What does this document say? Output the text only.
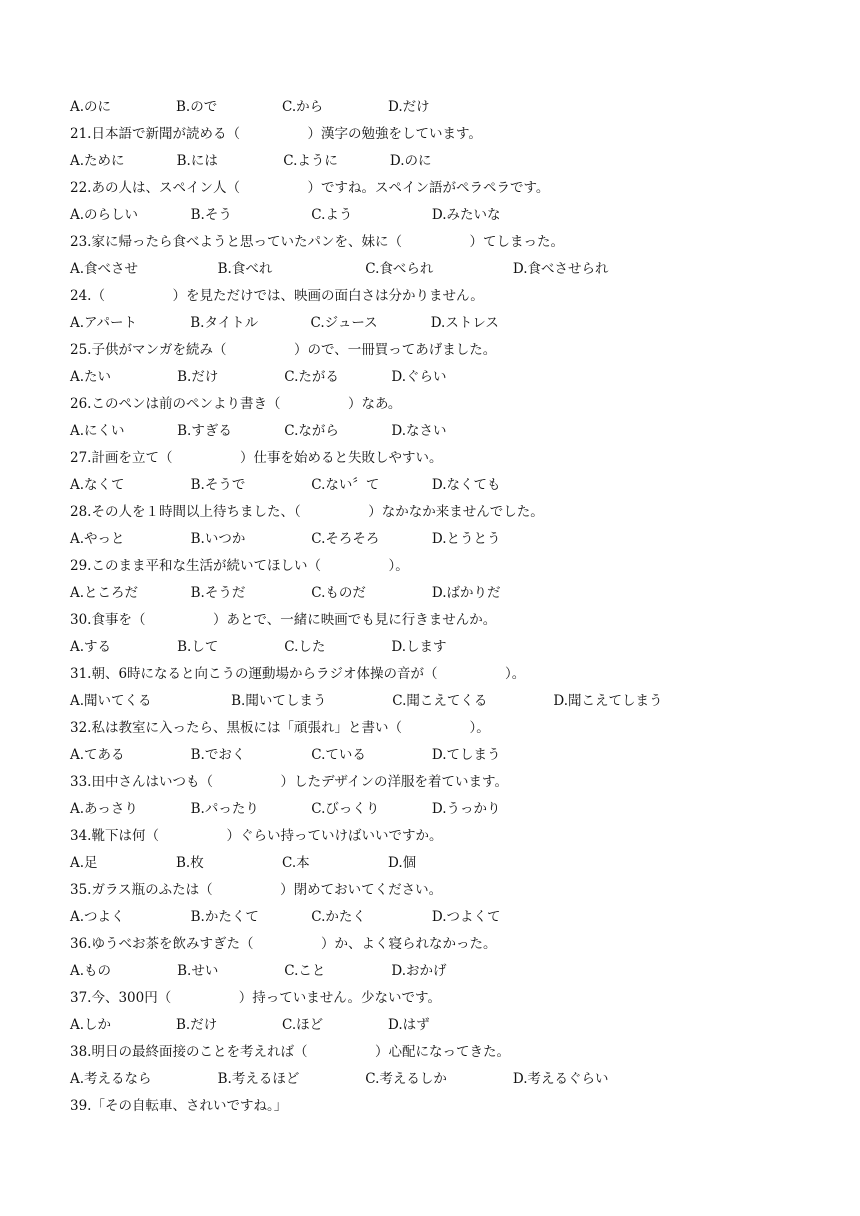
A.のに	B.ので	C.から	D.だけ
21.日本語で新聞が読める（　　　　　）漢字の勉強をしています。
A.ために	B.には	C.ように	D.のに
22.あの人は、スペイン人（　　　　　）ですね。スペイン語がペラペラです。
A.のらしい	B.そう	C.よう	D.みたいな
23.家に帰ったら食べようと思っていたパンを、妹に（　　　　　）てしまった。
A.食べさせ	B.食べれ	C.食べられ	D.食べさせられ
24.（　　　　　）を見ただけでは、映画の面白さは分かりません。
A.アパート	B.タイトル	C.ジュース	D.ストレス
25.子供がマンガを続み（　　　　　）ので、一冊買ってあげました。
A.たい	B.だけ	C.たがる	D.ぐらい
26.このペンは前のペンより書き（　　　　　）なあ。
A.にくい	B.すぎる	C.ながら	D.なさい
27.計画を立て（　　　　　）仕事を始めると失敗しやすい。
A.なくて	B.そうで	C.ない〞て	D.なくても
28.その人を１時間以上待ちました、（　　　　　）なかなか来ませんでした。
A.やっと	B.いつか	C.そろそろ	D.とうとう
29.このまま平和な生活が続いてほしい（　　　　　）。
A.ところだ	B.そうだ	C.ものだ	D.ばかりだ
30.食事を（　　　　　）あとで、一緒に映画でも見に行きませんか。
A.する	B.して	C.した	D.します
31.朝、6時になると向こうの運動場からラジオ体操の音が（　　　　　）。
A.聞いてくる	B.聞いてしまう	C.聞こえてくる	D.聞こえてしまう
32.私は教室に入ったら、黒板には「頑張れ」と書い（　　　　　）。
A.てある	B.でおく	C.ている	D.てしまう
33.田中さんはいつも（　　　　　）したデザインの洋服を着ています。
A.あっさり	B.パったり	C.びっくり	D.うっかり
34.靴下は何（　　　　　）ぐらい持っていけばいいですか。
A.足	B.枚	C.本	D.個
35.ガラス瓶のふたは（　　　　　）閉めておいてください。
A.つよく	B.かたくて	C.かたく	D.つよくて
36.ゆうべお茶を飲みすぎた（　　　　　）か、よく寝られなかった。
A.もの	B.せい	C.こと	D.おかげ
37.今、300円（　　　　　）持っていません。少ないです。
A.しか	B.だけ	C.ほど	D.はず
38.明日の最終面接のことを考えれば（　　　　　）心配になってきた。
A.考えるなら	B.考えるほど	C.考えるしか	D.考えるぐらい
39.「その自転車、されいですね。」
